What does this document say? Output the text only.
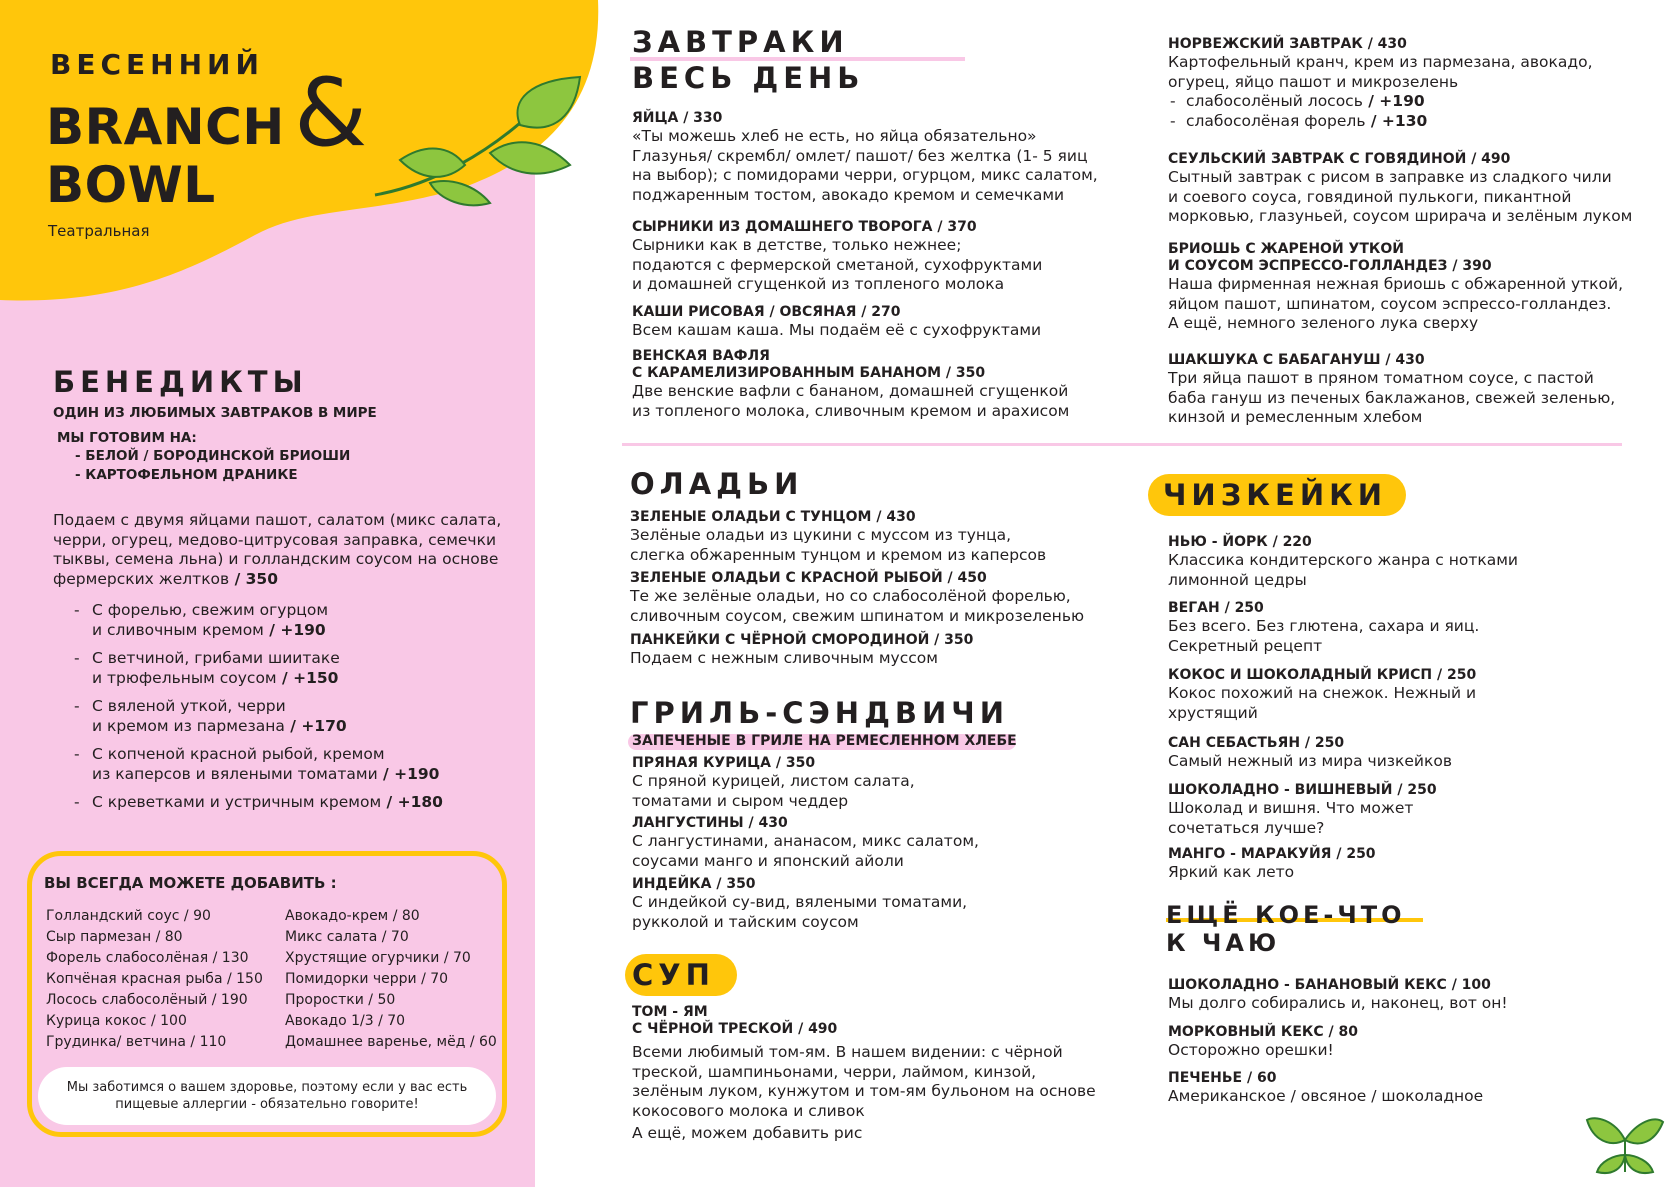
ВЕСЕННИЙ
BRANCH
BOWL
&
Театральная
БЕНЕДИКТЫ
ОДИН ИЗ ЛЮБИМЫХ ЗАВТРАКОВ В МИРЕ
МЫ ГОТОВИМ НА:
- БЕЛОЙ / БОРОДИНСКОЙ БРИОШИ
- КАРТОФЕЛЬНОМ ДРАНИКЕ
Подаем с двумя яйцами пашот, салатом (микс салата,
черри, огурец, медово-цитрусовая заправка, семечки
тыквы, семена льна) и голландским соусом на основе
фермерских желтков / 350
- С форелью, свежим огурцом
и сливочным кремом / +190
- С ветчиной, грибами шиитаке
и трюфельным соусом / +150
- С вяленой уткой, черри
и кремом из пармезана / +170
- С копченой красной рыбой, кремом
из каперсов и вялеными томатами / +190
- С креветками и устричным кремом / +180
ВЫ ВСЕГДА МОЖЕТЕ ДОБАВИТЬ :
Голландский соус / 90
Сыр пармезан / 80
Форель слабосолёная / 130
Копчёная красная рыба / 150
Лосось слабосолёный / 190
Курица кокос / 100
Грудинка/ ветчина / 110
Авокадо-крем / 80
Микс салата / 70
Хрустящие огурчики / 70
Помидорки черри / 70
Проростки / 50
Авокадо 1/3 / 70
Домашнее варенье, мёд / 60
Мы заботимся о вашем здоровье, поэтому если у вас есть
пищевые аллергии - обязательно говорите!
ЗАВТРАКИ
ВЕСЬ ДЕНЬ
ЯЙЦА / 330
«Ты можешь хлеб не есть, но яйца обязательно»
Глазунья/ скрембл/ омлет/ пашот/ без желтка (1- 5 яиц
на выбор); с помидорами черри, огурцом, микс салатом,
поджаренным тостом, авокадо кремом и семечками
СЫРНИКИ ИЗ ДОМАШНЕГО ТВОРОГА / 370
Сырники как в детстве, только нежнее;
подаются с фермерской сметаной, сухофруктами
и домашней сгущенкой из топленого молока
КАШИ РИСОВАЯ / ОВСЯНАЯ / 270
Всем кашам каша. Мы подаём её с сухофруктами
ВЕНСКАЯ ВАФЛЯ
С КАРАМЕЛИЗИРОВАННЫМ БАНАНОМ / 350
Две венские вафли с бананом, домашней сгущенкой
из топленого молока, сливочным кремом и арахисом
НОРВЕЖСКИЙ ЗАВТРАК / 430
Картофельный кранч, крем из пармезана, авокадо,
огурец, яйцо пашот и микрозелень
- слабосолёный лосось / +190
- слабосолёная форель / +130
СЕУЛЬСКИЙ ЗАВТРАК С ГОВЯДИНОЙ / 490
Сытный завтрак с рисом в заправке из сладкого чили
и соевого соуса, говядиной пулькоги, пикантной
морковью, глазуньей, соусом шрирача и зелёным луком
БРИОШЬ С ЖАРЕНОЙ УТКОЙ
И СОУСОМ ЭСПРЕССО-ГОЛЛАНДЕЗ / 390
Наша фирменная нежная бриошь с обжаренной уткой,
яйцом пашот, шпинатом, соусом эспрессо-голландез.
А ещё, немного зеленого лука сверху
ШАКШУКА С БАБАГАНУШ / 430
Три яйца пашот в пряном томатном соусе, с пастой
баба гануш из печеных баклажанов, свежей зеленью,
кинзой и ремесленным хлебом
ОЛАДЬИ
ЗЕЛЕНЫЕ ОЛАДЬИ С ТУНЦОМ / 430
Зелёные оладьи из цукини с муссом из тунца,
слегка обжаренным тунцом и кремом из каперсов
ЗЕЛЕНЫЕ ОЛАДЬИ С КРАСНОЙ РЫБОЙ / 450
Те же зелёные оладьи, но со слабосолёной форелью,
сливочным соусом, свежим шпинатом и микрозеленью
ПАНКЕЙКИ С ЧЁРНОЙ СМОРОДИНОЙ / 350
Подаем с нежным сливочным муссом
ГРИЛЬ-СЭНДВИЧИ
ЗАПЕЧЕНЫЕ В ГРИЛЕ НА РЕМЕСЛЕННОМ ХЛЕБЕ
ПРЯНАЯ КУРИЦА / 350
С пряной курицей, листом салата,
томатами и сыром чеддер
ЛАНГУСТИНЫ / 430
С лангустинами, ананасом, микс салатом,
соусами манго и японский айоли
ИНДЕЙКА / 350
С индейкой су-вид, вялеными томатами,
рукколой и тайским соусом
СУП
ТОМ - ЯМ
С ЧЁРНОЙ ТРЕСКОЙ / 490
Всеми любимый том-ям. В нашем видении: с чёрной
треской, шампиньонами, черри, лаймом, кинзой,
зелёным луком, кунжутом и том-ям бульоном на основе
кокосового молока и сливок
А ещё, можем добавить рис
ЧИЗКЕЙКИ
НЬЮ - ЙОРК / 220
Классика кондитерского жанра с нотками
лимонной цедры
ВЕГАН / 250
Без всего. Без глютена, сахара и яиц.
Секретный рецепт
КОКОС И ШОКОЛАДНЫЙ КРИСП / 250
Кокос похожий на снежок. Нежный и
хрустящий
САН СЕБАСТЬЯН / 250
Самый нежный из мира чизкейков
ШОКОЛАДНО - ВИШНЕВЫЙ / 250
Шоколад и вишня. Что может
сочетаться лучше?
МАНГО - МАРАКУЙЯ / 250
Яркий как лето
ЕЩЁ КОЕ-ЧТО
К ЧАЮ
ШОКОЛАДНО - БАНАНОВЫЙ КЕКС / 100
Мы долго собирались и, наконец, вот он!
МОРКОВНЫЙ КЕКС / 80
Осторожно орешки!
ПЕЧЕНЬЕ / 60
Американское / овсяное / шоколадное
